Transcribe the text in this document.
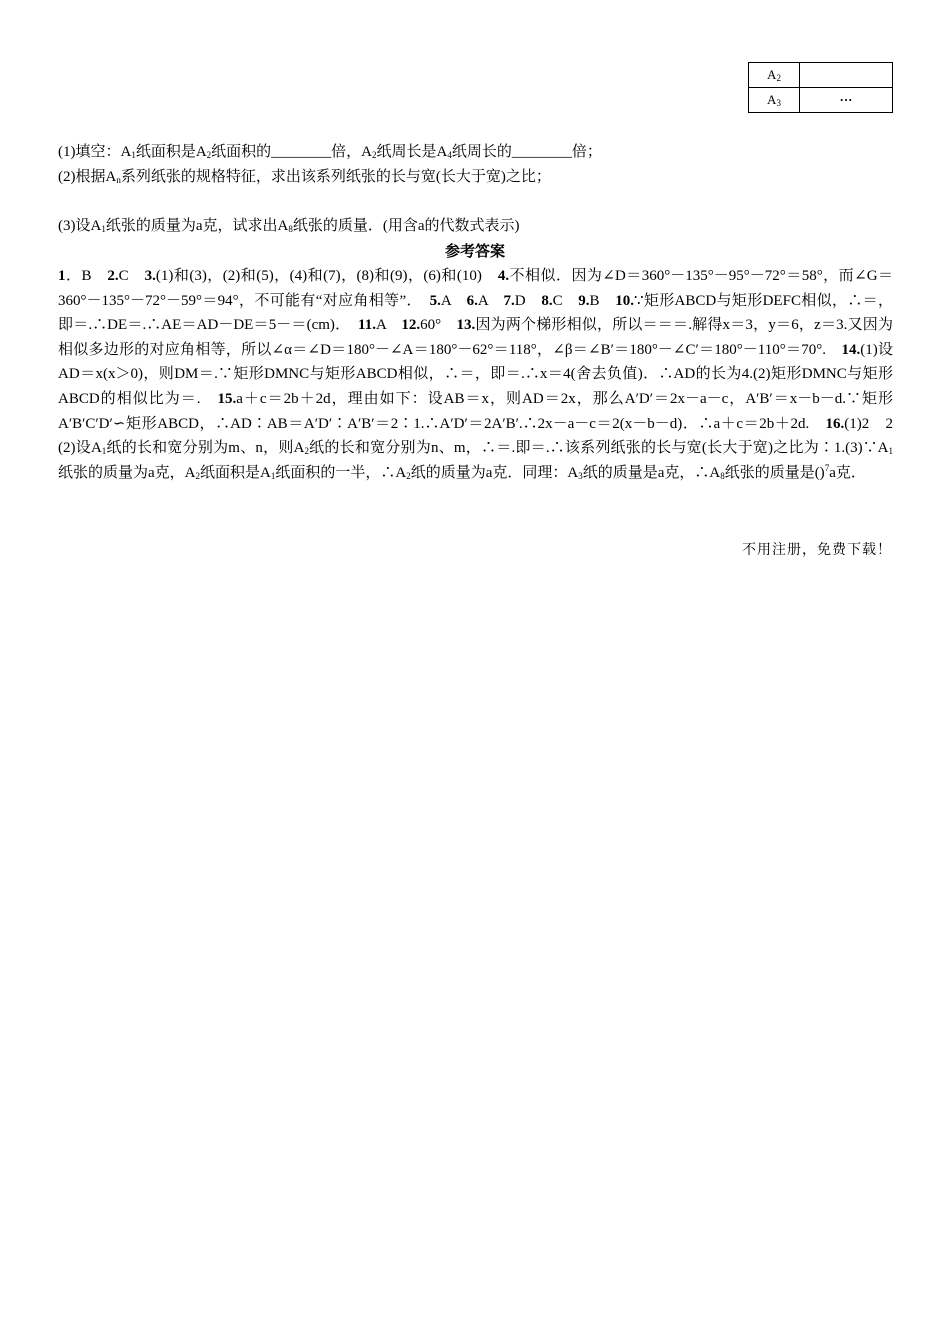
$A_2$	
$A_3$	···
(1)填空：$A_1$纸面积是$A_2$纸面积的________倍，$A_2$纸周长是$A_4$纸周长的________倍；
(2)根据$A_n$系列纸张的规格特征，求出该系列纸张的长与宽(长大于宽)之比；
(3)设$A_1$纸张的质量为a克，试求出$A_8$纸张的质量．(用含a的代数式表示)
参考答案
1．B　2.C　3.(1)和(3)，(2)和(5)，(4)和(7)，(8)和(9)，(6)和(10)　4.不相似．因为∠D＝360°－135°－95°－72°＝58°，而∠G＝360°－135°－72°－59°＝94°，不可能有“对应角相等”．　5.A　6.A　7.D　8.C　9.B　10.∵矩形ABCD与矩形DEFC相似，∴＝，即＝.∴DE＝.∴AE＝AD－DE＝5－＝(cm)．　11.A　12.60°　13.因为两个梯形相似，所以＝＝＝.解得x＝3，y＝6，z＝3.又因为相似多边形的对应角相等，所以∠α＝∠D＝180°－∠A＝180°－62°＝118°，∠β＝∠B′＝180°－∠C′＝180°－110°＝70°.　14.(1)设AD＝x(x＞0)，则DM＝.∵矩形DMNC与矩形ABCD相似，∴＝，即＝.∴x＝4(舍去负值)．∴AD的长为4.(2)矩形DMNC与矩形ABCD的相似比为＝.　15.a＋c＝2b＋2d，理由如下：设AB＝x，则AD＝2x，那么A′D′＝2x－a－c，A′B′＝x－b－d.∵矩形A′B′C′D′∽矩形ABCD，∴AD∶AB＝A′D′∶A′B′＝2∶1.∴A′D′＝2A′B′.∴2x－a－c＝2(x－b－d)．∴a＋c＝2b＋2d.　16.(1)2　2　(2)设$A_1$纸的长和宽分别为m、n，则$A_2$纸的长和宽分别为n、m，∴＝.即＝.∴该系列纸张的长与宽(长大于宽)之比为$∶1.(3)\because A_1$纸张的质量为a克，$A_2$纸面积是$A_1$纸面积的一半，$\therefore A_2$纸的质量为a克．同理：$A_3$纸的质量是a克，$\therefore A_8$纸张的质量是()$^7$a克．
不用注册，免费下载！
